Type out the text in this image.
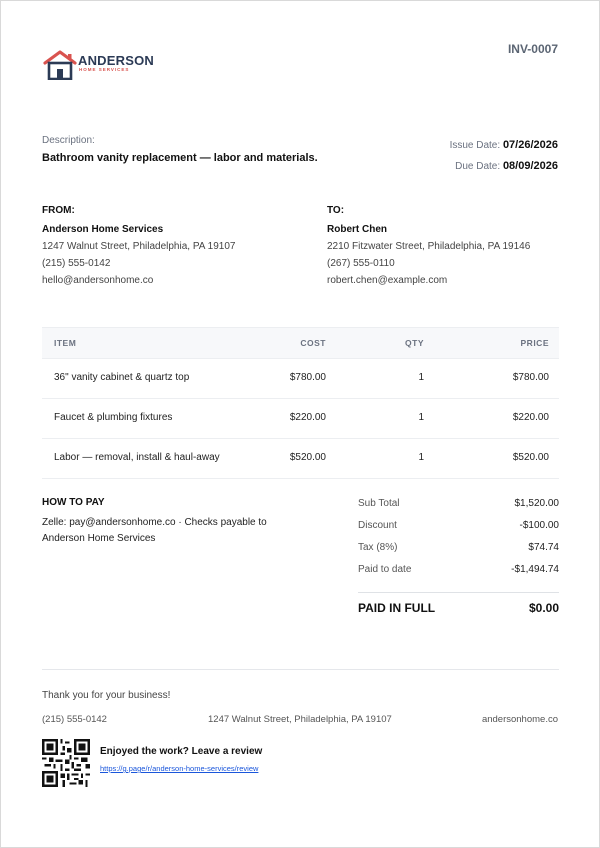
ANDERSON
HOME SERVICES
INV-0007
Description:
Bathroom vanity replacement — labor and materials.
Issue Date: 07/26/2026
Due Date: 08/09/2026
FROM:
Anderson Home Services
1247 Walnut Street, Philadelphia, PA 19107
(215) 555-0142
hello@andersonhome.co
TO:
Robert Chen
2210 Fitzwater Street, Philadelphia, PA 19146
(267) 555-0110
robert.chen@example.com
ITEM	COST	QTY	PRICE
36" vanity cabinet & quartz top	$780.00	1	$780.00
Faucet & plumbing fixtures	$220.00	1	$220.00
Labor — removal, install & haul-away	$520.00	1	$520.00
HOW TO PAY
Zelle: pay@andersonhome.co · Checks payable to Anderson Home Services
Sub Total	$1,520.00
Discount	-$100.00
Tax (8%)	$74.74
Paid to date	-$1,494.74
PAID IN FULL	$0.00
Thank you for your business!
(215) 555-0142	1247 Walnut Street, Philadelphia, PA 19107	andersonhome.co
Enjoyed the work? Leave a review
https://g.page/r/anderson-home-services/review
